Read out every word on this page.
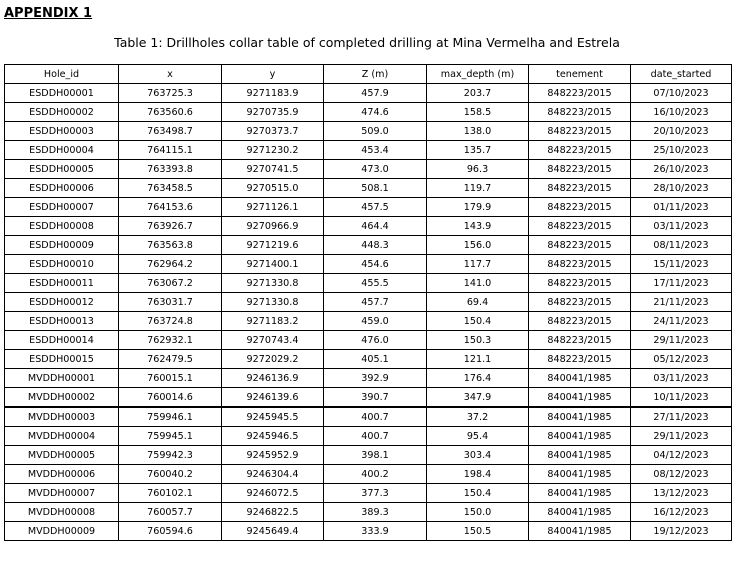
APPENDIX 1

Table 1: Drillholes collar table of completed drilling at Mina Vermelha and Estrela

Hole_id	x	y	Z (m)	max_depth (m)	tenement	date_started
ESDDH00001	763725.3	9271183.9	457.9	203.7	848223/2015	07/10/2023
ESDDH00002	763560.6	9270735.9	474.6	158.5	848223/2015	16/10/2023
ESDDH00003	763498.7	9270373.7	509.0	138.0	848223/2015	20/10/2023
ESDDH00004	764115.1	9271230.2	453.4	135.7	848223/2015	25/10/2023
ESDDH00005	763393.8	9270741.5	473.0	96.3	848223/2015	26/10/2023
ESDDH00006	763458.5	9270515.0	508.1	119.7	848223/2015	28/10/2023
ESDDH00007	764153.6	9271126.1	457.5	179.9	848223/2015	01/11/2023
ESDDH00008	763926.7	9270966.9	464.4	143.9	848223/2015	03/11/2023
ESDDH00009	763563.8	9271219.6	448.3	156.0	848223/2015	08/11/2023
ESDDH00010	762964.2	9271400.1	454.6	117.7	848223/2015	15/11/2023
ESDDH00011	763067.2	9271330.8	455.5	141.0	848223/2015	17/11/2023
ESDDH00012	763031.7	9271330.8	457.7	69.4	848223/2015	21/11/2023
ESDDH00013	763724.8	9271183.2	459.0	150.4	848223/2015	24/11/2023
ESDDH00014	762932.1	9270743.4	476.0	150.3	848223/2015	29/11/2023
ESDDH00015	762479.5	9272029.2	405.1	121.1	848223/2015	05/12/2023
MVDDH00001	760015.1	9246136.9	392.9	176.4	840041/1985	03/11/2023
MVDDH00002	760014.6	9246139.6	390.7	347.9	840041/1985	10/11/2023
MVDDH00003	759946.1	9245945.5	400.7	37.2	840041/1985	27/11/2023
MVDDH00004	759945.1	9245946.5	400.7	95.4	840041/1985	29/11/2023
MVDDH00005	759942.3	9245952.9	398.1	303.4	840041/1985	04/12/2023
MVDDH00006	760040.2	9246304.4	400.2	198.4	840041/1985	08/12/2023
MVDDH00007	760102.1	9246072.5	377.3	150.4	840041/1985	13/12/2023
MVDDH00008	760057.7	9246822.5	389.3	150.0	840041/1985	16/12/2023
MVDDH00009	760594.6	9245649.4	333.9	150.5	840041/1985	19/12/2023
